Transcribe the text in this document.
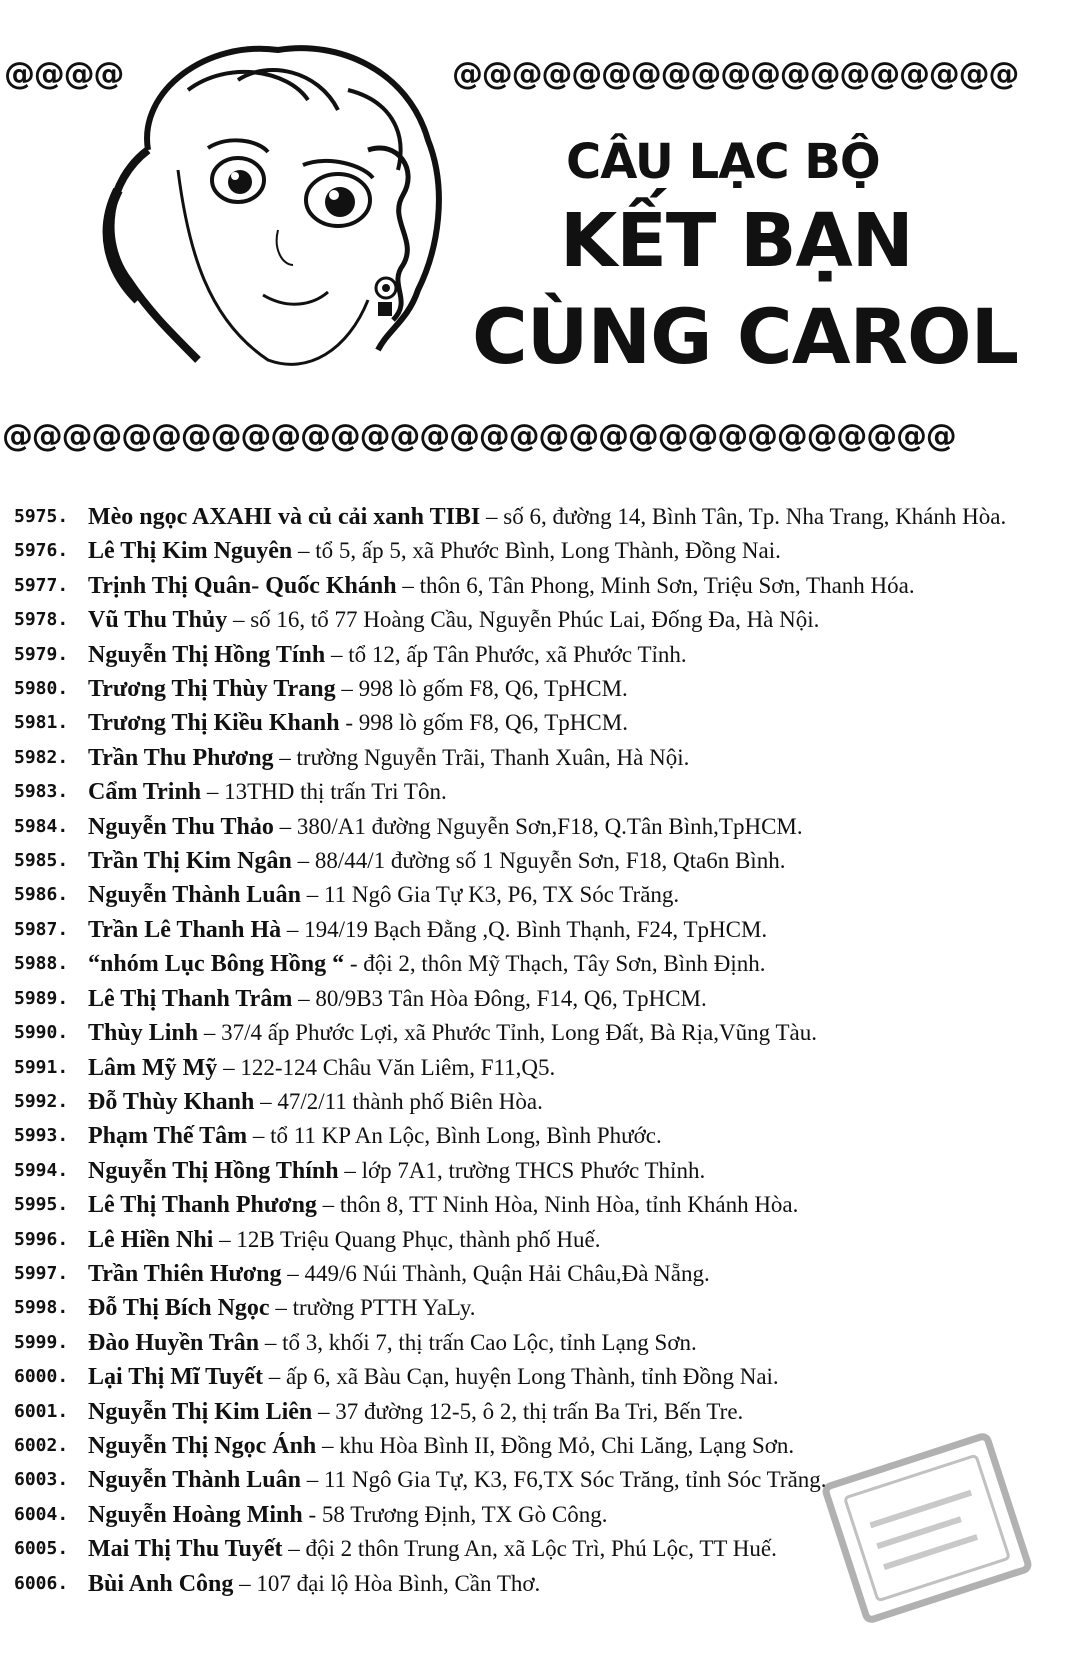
@@@@	@@@@@@@@@@@@@@@@@@@
CÂU LẠC BỘ
KẾT BẠN
CÙNG CAROL
@@@@@@@@@@@@@@@@@@@@@@@@@@@@@@@@
5975. Mèo ngọc AXAHI và củ cải xanh TIBI – số 6, đường 14, Bình Tân, Tp. Nha Trang, Khánh Hòa.
5976. Lê Thị Kim Nguyên – tổ 5, ấp 5, xã Phước Bình, Long Thành, Đồng Nai.
5977. Trịnh Thị Quân- Quốc Khánh – thôn 6, Tân Phong, Minh Sơn, Triệu Sơn, Thanh Hóa.
5978. Vũ Thu Thủy – số 16, tổ 77 Hoàng Cầu, Nguyễn Phúc Lai, Đống Đa, Hà Nội.
5979. Nguyễn Thị Hồng Tính – tổ 12, ấp Tân Phước, xã Phước Tỉnh.
5980. Trương Thị Thùy Trang – 998 lò gốm F8, Q6, TpHCM.
5981. Trương Thị Kiều Khanh - 998 lò gốm F8, Q6, TpHCM.
5982. Trần Thu Phương – trường Nguyễn Trãi, Thanh Xuân, Hà Nội.
5983. Cẩm Trinh – 13THD thị trấn Tri Tôn.
5984. Nguyễn Thu Thảo – 380/A1 đường Nguyễn Sơn,F18, Q.Tân Bình,TpHCM.
5985. Trần Thị Kim Ngân – 88/44/1 đường số 1 Nguyễn Sơn, F18, Qta6n Bình.
5986. Nguyễn Thành Luân – 11 Ngô Gia Tự K3, P6, TX Sóc Trăng.
5987. Trần Lê Thanh Hà – 194/19 Bạch Đằng ,Q. Bình Thạnh, F24, TpHCM.
5988. “nhóm Lục Bông Hồng “ - đội 2, thôn Mỹ Thạch, Tây Sơn, Bình Định.
5989. Lê Thị Thanh Trâm – 80/9B3 Tân Hòa Đông, F14, Q6, TpHCM.
5990. Thùy Linh – 37/4 ấp Phước Lợi, xã Phước Tỉnh, Long Đất, Bà Rịa,Vũng Tàu.
5991. Lâm Mỹ Mỹ – 122-124 Châu Văn Liêm, F11,Q5.
5992. Đỗ Thùy Khanh – 47/2/11 thành phố Biên Hòa.
5993. Phạm Thế Tâm – tổ 11 KP An Lộc, Bình Long, Bình Phước.
5994. Nguyễn Thị Hồng Thính – lớp 7A1, trường THCS Phước Thỉnh.
5995. Lê Thị Thanh Phương – thôn 8, TT Ninh Hòa, Ninh Hòa, tỉnh Khánh Hòa.
5996. Lê Hiền Nhi – 12B Triệu Quang Phục, thành phố Huế.
5997. Trần Thiên Hương – 449/6 Núi Thành, Quận Hải Châu,Đà Nẵng.
5998. Đỗ Thị Bích Ngọc – trường PTTH YaLy.
5999. Đào Huyền Trân – tổ 3, khối 7, thị trấn Cao Lộc, tỉnh Lạng Sơn.
6000. Lại Thị Mĩ Tuyết – ấp 6, xã Bàu Cạn, huyện Long Thành, tỉnh Đồng Nai.
6001. Nguyễn Thị Kim Liên – 37 đường 12-5, ô 2, thị trấn Ba Tri, Bến Tre.
6002. Nguyễn Thị Ngọc Ánh – khu Hòa Bình II, Đồng Mỏ, Chi Lăng, Lạng Sơn.
6003. Nguyễn Thành Luân – 11 Ngô Gia Tự, K3, F6,TX Sóc Trăng, tỉnh Sóc Trăng.
6004. Nguyễn Hoàng Minh - 58 Trương Định, TX Gò Công.
6005. Mai Thị Thu Tuyết – đội 2 thôn Trung An, xã Lộc Trì, Phú Lộc, TT Huế.
6006. Bùi Anh Công – 107 đại lộ Hòa Bình, Cần Thơ.
